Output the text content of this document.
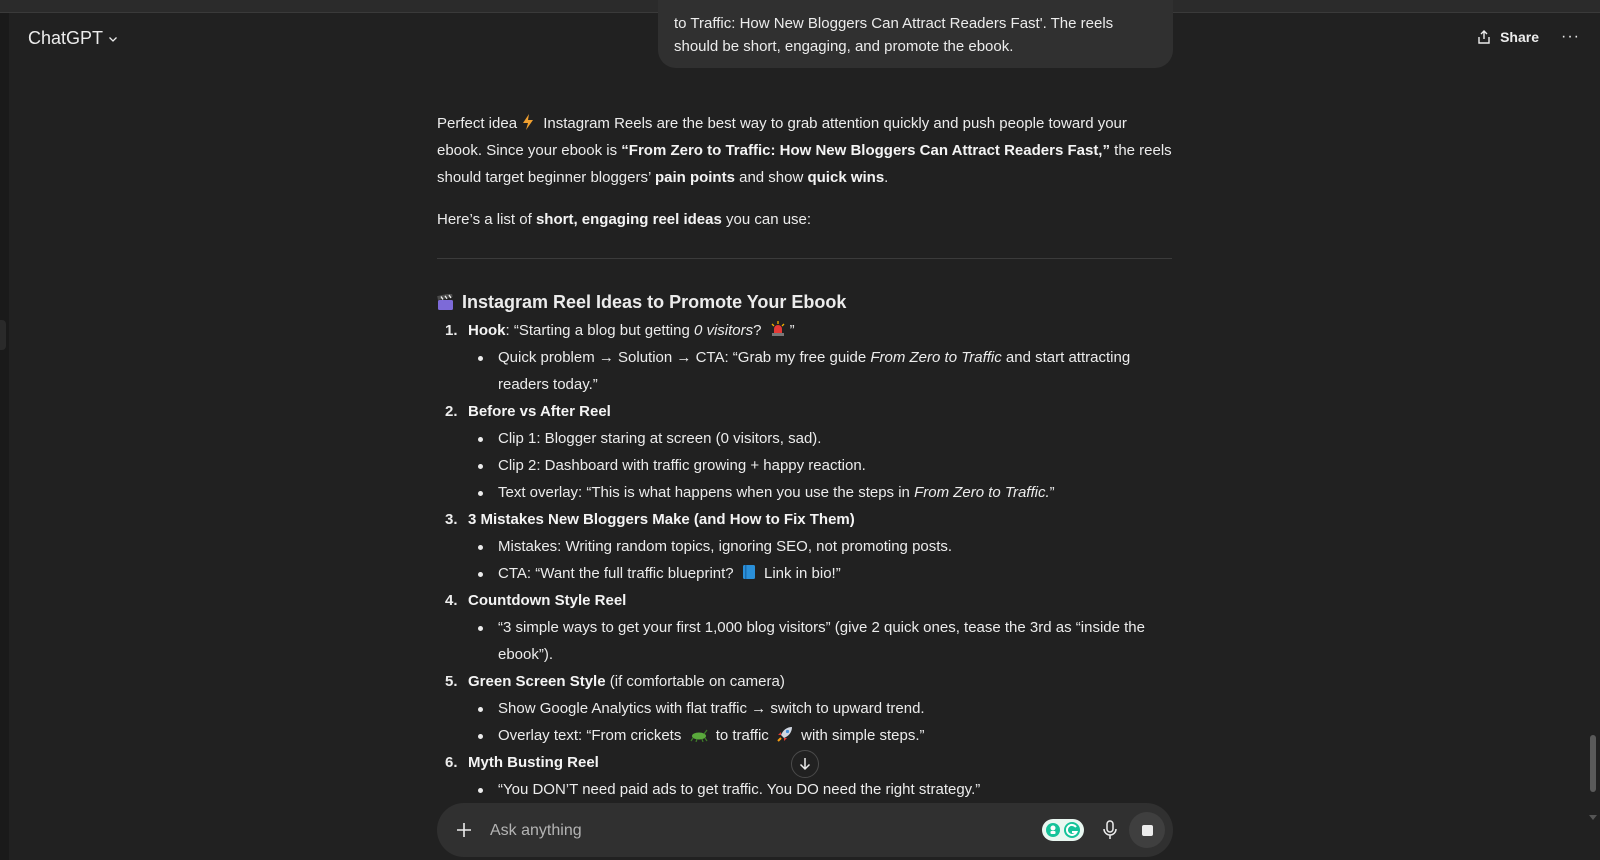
ChatGPT	Share ···
to Traffic: How New Bloggers Can Attract Readers Fast'. The reels should be short, engaging, and promote the ebook.

Perfect idea Instagram Reels are the best way to grab attention quickly and push people toward your ebook. Since your ebook is “From Zero to Traffic: How New Bloggers Can Attract Readers Fast,” the reels should target beginner bloggers’ pain points and show quick wins.

Here’s a list of short, engaging reel ideas you can use:

Instagram Reel Ideas to Promote Your Ebook
1. Hook: “Starting a blog but getting 0 visitors? ”
Quick problem → Solution → CTA: “Grab my free guide From Zero to Traffic and start attracting readers today.”
2. Before vs After Reel
Clip 1: Blogger staring at screen (0 visitors, sad).
Clip 2: Dashboard with traffic growing + happy reaction.
Text overlay: “This is what happens when you use the steps in From Zero to Traffic.”
3. 3 Mistakes New Bloggers Make (and How to Fix Them)
Mistakes: Writing random topics, ignoring SEO, not promoting posts.
CTA: “Want the full traffic blueprint?  Link in bio!”
4. Countdown Style Reel
“3 simple ways to get your first 1,000 blog visitors” (give 2 quick ones, tease the 3rd as “inside the ebook”).
5. Green Screen Style (if comfortable on camera)
Show Google Analytics with flat traffic → switch to upward trend.
Overlay text: “From crickets  to traffic  with simple steps.”
6. Myth Busting Reel
“You DON’T need paid ads to get traffic. You DO need the right strategy.”
Ask anything
